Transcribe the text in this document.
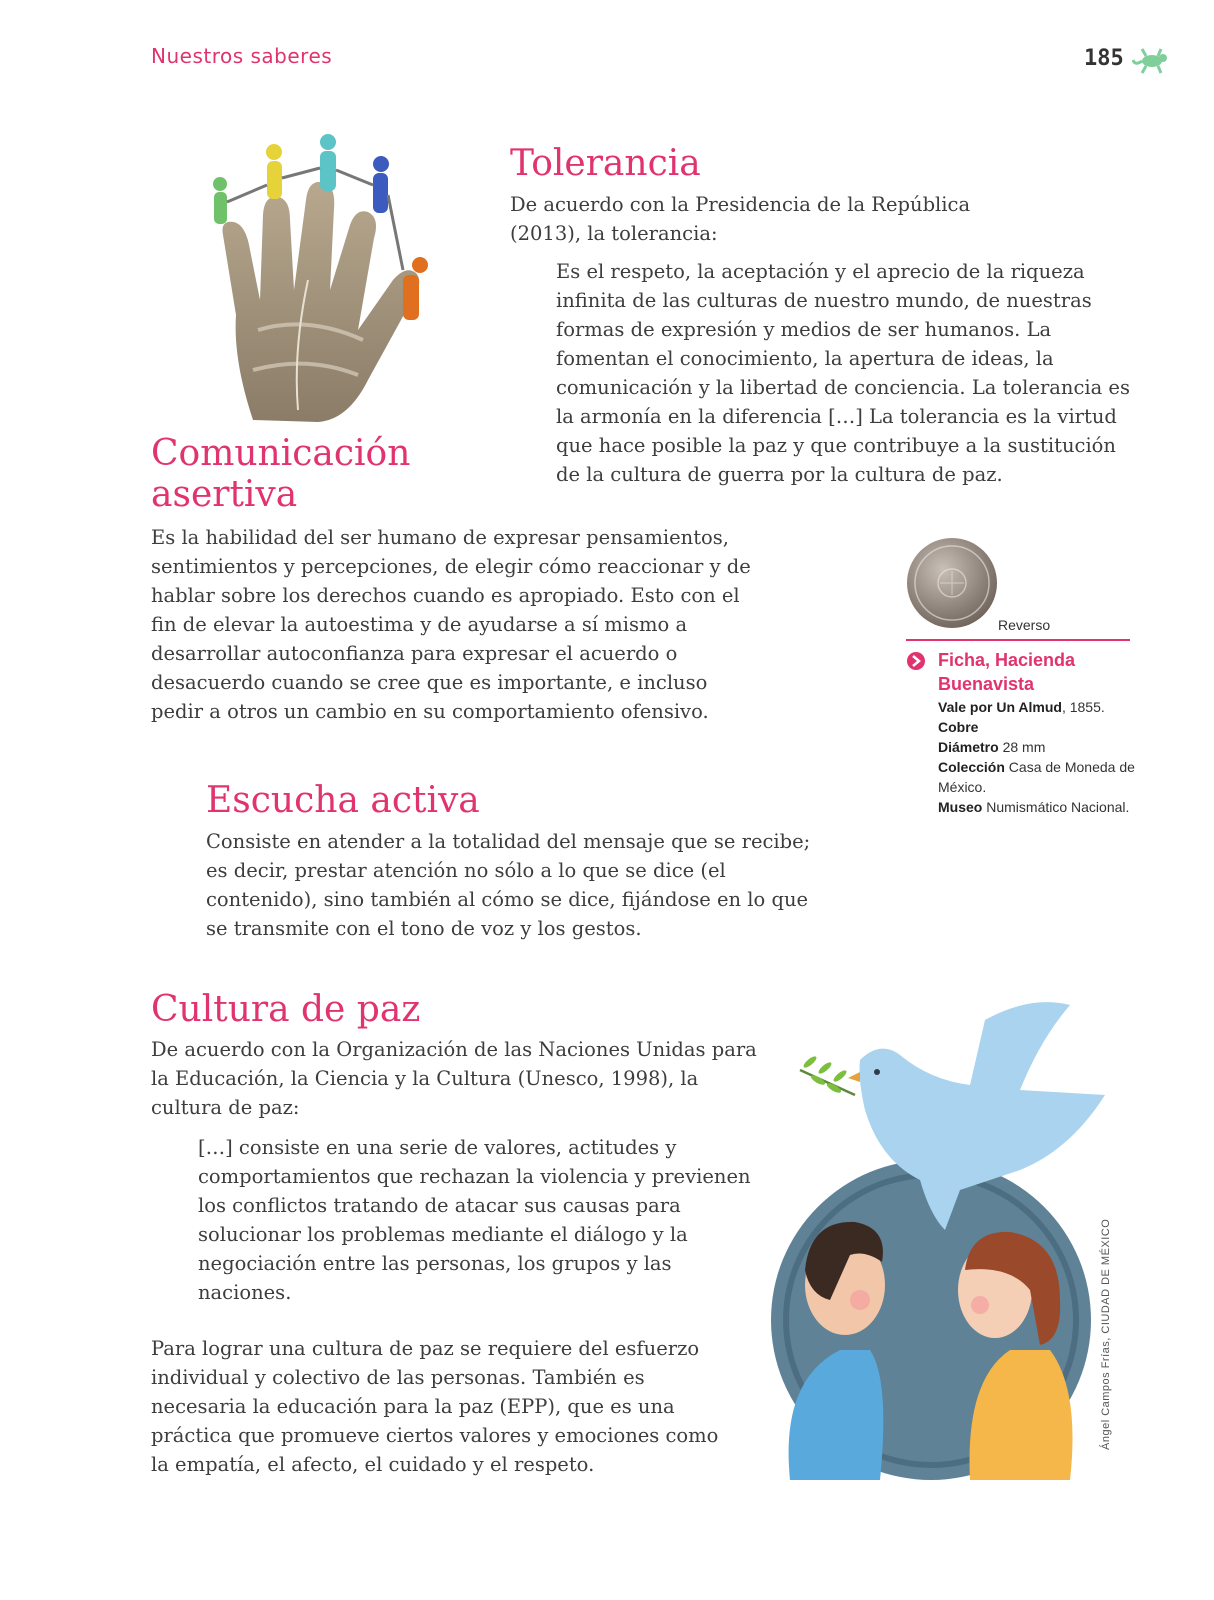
Nuestros saberes	185
Tolerancia
De acuerdo con la Presidencia de la República (2013), la tolerancia:
Es el respeto, la aceptación y el aprecio de la riqueza infinita de las culturas de nuestro mundo, de nuestras formas de expresión y medios de ser humanos. La fomentan el conocimiento, la apertura de ideas, la comunicación y la libertad de conciencia. La tolerancia es la armonía en la diferencia […] La tolerancia es la virtud que hace posible la paz y que contribuye a la sustitución de la cultura de guerra por la cultura de paz.
Comunicación
asertiva
Es la habilidad del ser humano de expresar pensamientos, sentimientos y percepciones, de elegir cómo reaccionar y de hablar sobre los derechos cuando es apropiado. Esto con el fin de elevar la autoestima y de ayudarse a sí mismo a desarrollar autoconfianza para expresar el acuerdo o desacuerdo cuando se cree que es importante, e incluso pedir a otros un cambio en su comportamiento ofensivo.
Escucha activa
Consiste en atender a la totalidad del mensaje que se recibe; es decir, prestar atención no sólo a lo que se dice (el contenido), sino también al cómo se dice, fijándose en lo que se transmite con el tono de voz y los gestos.
Reverso
Ficha, Hacienda
Buenavista
Vale por Un Almud, 1855.
Cobre
Diámetro 28 mm
Colección Casa de Moneda de México.
Museo Numismático Nacional.
Cultura de paz
De acuerdo con la Organización de las Naciones Unidas para la Educación, la Ciencia y la Cultura (Unesco, 1998), la cultura de paz:
[…] consiste en una serie de valores, actitudes y comportamientos que rechazan la violencia y previenen los conflictos tratando de atacar sus causas para solucionar los problemas mediante el diálogo y la negociación entre las personas, los grupos y las naciones.
Para lograr una cultura de paz se requiere del esfuerzo individual y colectivo de las personas. También es necesaria la educación para la paz (EPP), que es una práctica que promueve ciertos valores y emociones como la empatía, el afecto, el cuidado y el respeto.
Ángel Campos Frías, CIUDAD DE MÉXICO
